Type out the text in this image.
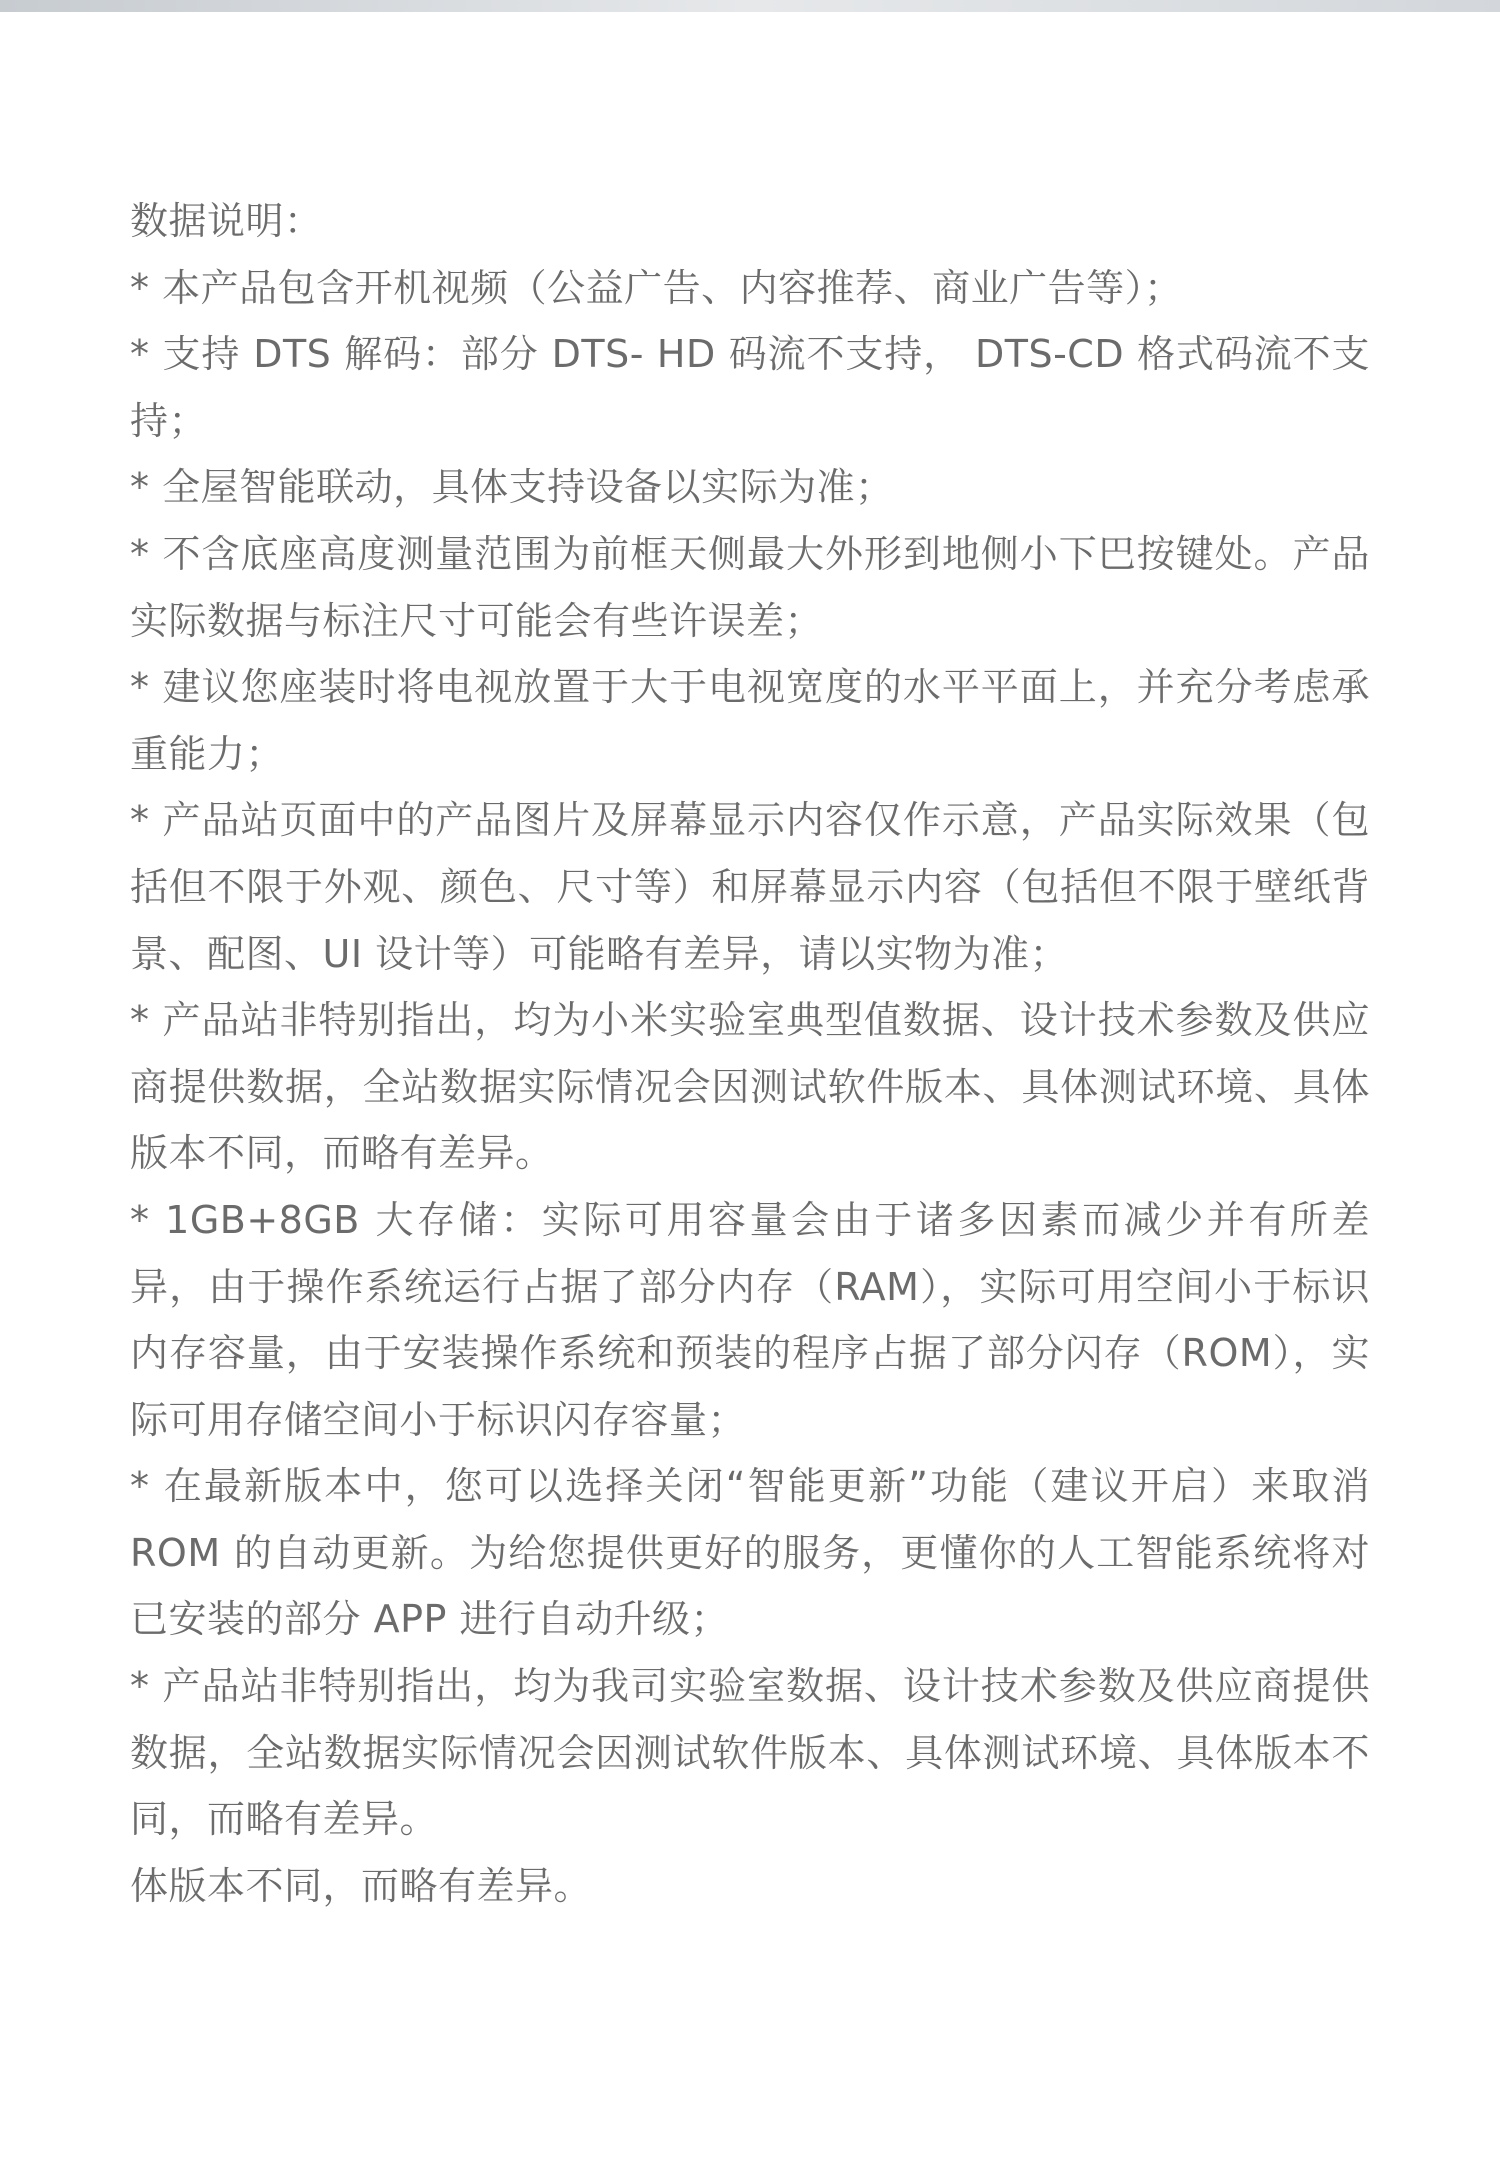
数据说明：

* 本产品包含开机视频（公益广告、内容推荐、商业广告等）；

* 支持 DTS 解码：部分 DTS- HD 码流不支持， DTS-CD 格式码流不支持；

* 全屋智能联动，具体支持设备以实际为准；

* 不含底座高度测量范围为前框天侧最大外形到地侧小下巴按键处。产品实际数据与标注尺寸可能会有些许误差；

* 建议您座装时将电视放置于大于电视宽度的水平平面上，并充分考虑承重能力；

* 产品站页面中的产品图片及屏幕显示内容仅作示意，产品实际效果（包括但不限于外观、颜色、尺寸等）和屏幕显示内容（包括但不限于壁纸背景、配图、UI 设计等）可能略有差异，请以实物为准；

* 产品站非特别指出，均为小米实验室典型值数据、设计技术参数及供应商提供数据，全站数据实际情况会因测试软件版本、具体测试环境、具体版本不同，而略有差异。

* 1GB+8GB 大存储：实际可用容量会由于诸多因素而减少并有所差异，由于操作系统运行占据了部分内存（RAM），实际可用空间小于标识内存容量，由于安装操作系统和预装的程序占据了部分闪存（ROM），实际可用存储空间小于标识闪存容量；

* 在最新版本中，您可以选择关闭“智能更新”功能（建议开启）来取消 ROM 的自动更新。为给您提供更好的服务，更懂你的人工智能系统将对已安装的部分 APP 进行自动升级；

* 产品站非特别指出，均为我司实验室数据、设计技术参数及供应商提供数据，全站数据实际情况会因测试软件版本、具体测试环境、具体版本不同，而略有差异。

体版本不同，而略有差异。
